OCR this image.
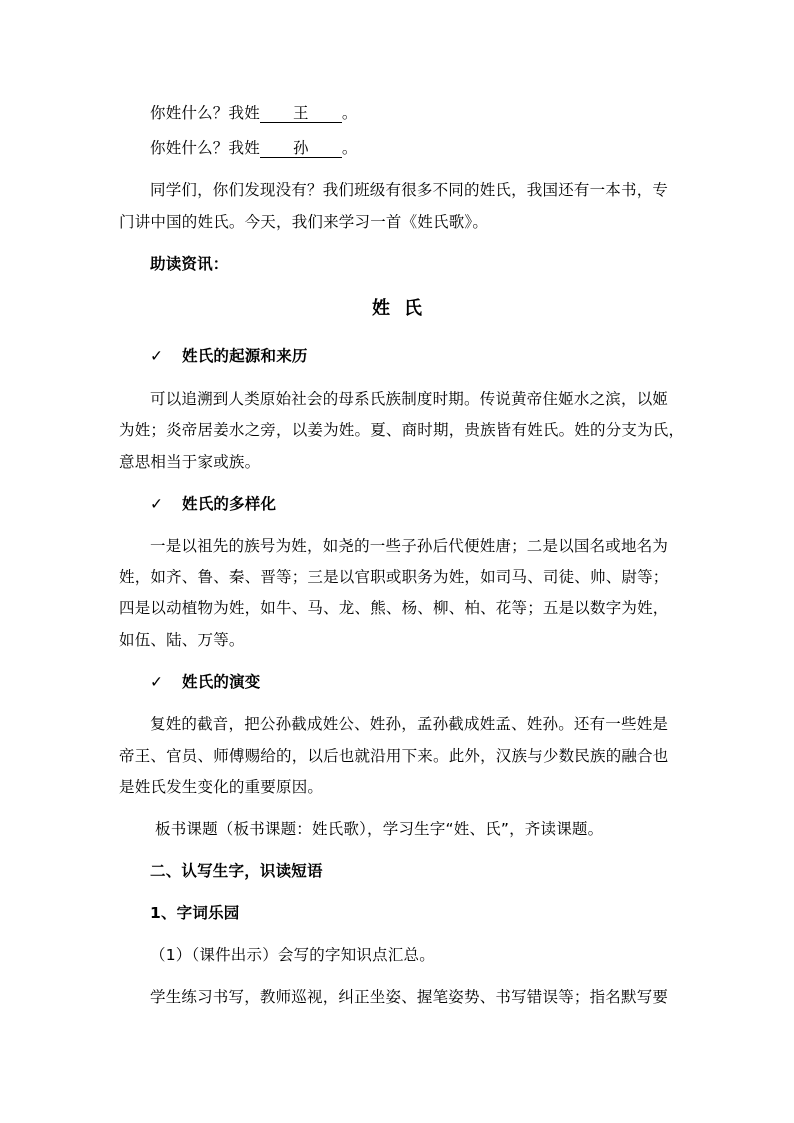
你姓什么？我姓 王 。
你姓什么？我姓 孙 。
同学们，你们发现没有？我们班级有很多不同的姓氏，我国还有一本书，专
门讲中国的姓氏。今天，我们来学习一首《姓氏歌》。
助读资讯：
姓氏
✓ 姓氏的起源和来历
可以追溯到人类原始社会的母系氏族制度时期。传说黄帝住姬水之滨，以姬
为姓；炎帝居姜水之旁，以姜为姓。夏、商时期，贵族皆有姓氏。姓的分支为氏，
意思相当于家或族。
✓ 姓氏的多样化
一是以祖先的族号为姓，如尧的一些子孙后代便姓唐；二是以国名或地名为
姓，如齐、鲁、秦、晋等；三是以官职或职务为姓，如司马、司徒、帅、尉等；
四是以动植物为姓，如牛、马、龙、熊、杨、柳、柏、花等；五是以数字为姓，
如伍、陆、万等。
✓ 姓氏的演变
复姓的截音，把公孙截成姓公、姓孙，孟孙截成姓孟、姓孙。还有一些姓是
帝王、官员、师傅赐给的，以后也就沿用下来。此外，汉族与少数民族的融合也
是姓氏发生变化的重要原因。
板书课题（板书课题：姓氏歌），学习生字“姓、氏”，齐读课题。
二、认写生字，识读短语
1、字词乐园
（1）（课件出示）会写的字知识点汇总。
学生练习书写，教师巡视，纠正坐姿、握笔姿势、书写错误等；指名默写要
